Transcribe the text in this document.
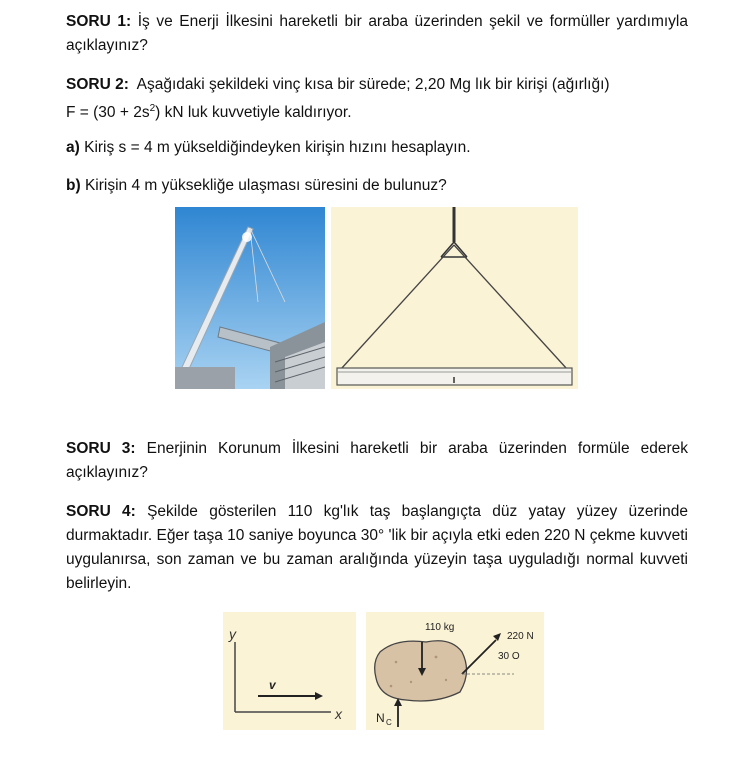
SORU 1: İş ve Enerji İlkesini hareketli bir araba üzerinden şekil ve formüller yardımıyla açıklayınız?
SORU 2: Aşağıdaki şekildeki vinç kısa bir sürede; 2,20 Mg lık bir kirişi (ağırlığı)
$F = (30 + 2s^2)$ kN luk kuvvetiyle kaldırıyor.
a) Kiriş s = 4 m yükseldiğindeyken kirişin hızını hesaplayın.
b) Kirişin 4 m yüksekliğe ulaşması süresini de bulunuz?
SORU 3: Enerjinin Korunum İlkesini hareketli bir araba üzerinden formüle ederek açıklayınız?
SORU 4: Şekilde gösterilen 110 kg'lık taş başlangıçta düz yatay yüzey üzerinde durmaktadır. Eğer taşa 10 saniye boyunca 30° 'lik bir açıyla etki eden 220 N çekme kuvveti uygulanırsa, son zaman ve bu zaman aralığında yüzeyin taşa uyguladığı normal kuvveti belirleyin.
y
v
x
110 kg
220 N
30 O
N C
